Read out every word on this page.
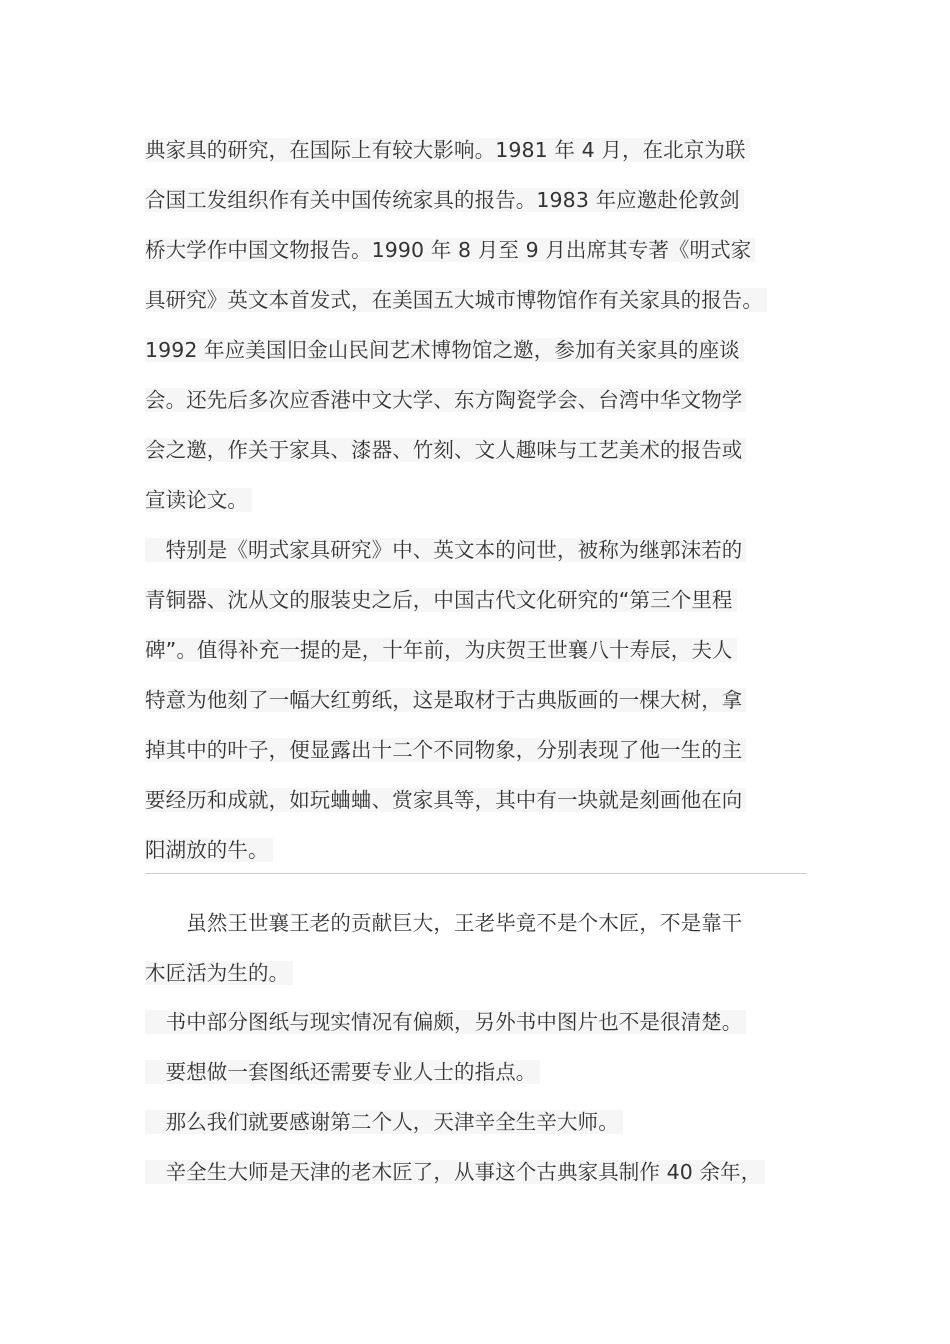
典家具的研究，在国际上有较大影响。1981 年 4 月，在北京为联
合国工发组织作有关中国传统家具的报告。1983 年应邀赴伦敦剑
桥大学作中国文物报告。1990 年 8 月至 9 月出席其专著《明式家
具研究》英文本首发式，在美国五大城市博物馆作有关家具的报告。
1992 年应美国旧金山民间艺术博物馆之邀，参加有关家具的座谈
会。还先后多次应香港中文大学、东方陶瓷学会、台湾中华文物学
会之邀，作关于家具、漆器、竹刻、文人趣味与工艺美术的报告或
宣读论文。
　特别是《明式家具研究》中、英文本的问世，被称为继郭沫若的
青铜器、沈从文的服装史之后，中国古代文化研究的“第三个里程
碑”。值得补充一提的是，十年前，为庆贺王世襄八十寿辰，夫人
特意为他刻了一幅大红剪纸，这是取材于古典版画的一棵大树，拿
掉其中的叶子，便显露出十二个不同物象，分别表现了他一生的主
要经历和成就，如玩蛐蛐、赏家具等，其中有一块就是刻画他在向
阳湖放的牛。
　　虽然王世襄王老的贡献巨大，王老毕竟不是个木匠，不是靠干
木匠活为生的。
　书中部分图纸与现实情况有偏颇，另外书中图片也不是很清楚。
　要想做一套图纸还需要专业人士的指点。
　那么我们就要感谢第二个人，天津辛全生辛大师。
　辛全生大师是天津的老木匠了，从事这个古典家具制作 40 余年，
